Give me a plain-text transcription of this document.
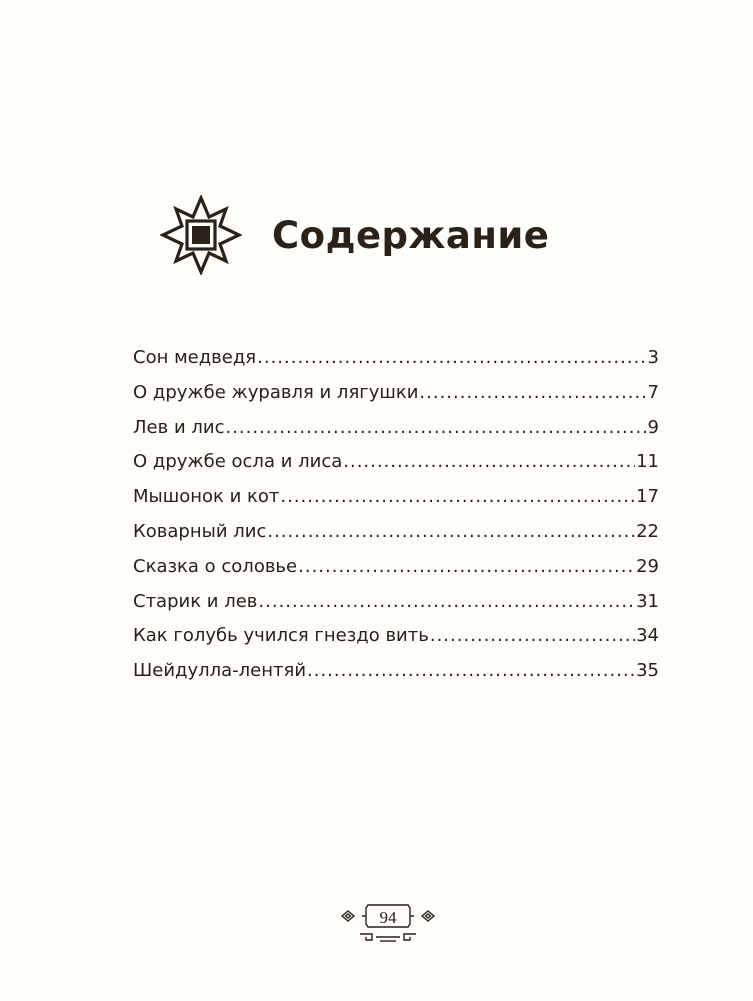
Содержание
Сон медведя .....	3
О дружбе журавля и лягушки .....	7
Лев и лис .....	9
О дружбе осла и лиса .....	11
Мышонок и кот .....	17
Коварный лис .....	22
Сказка о соловье .....	29
Старик и лев .....	31
Как голубь учился гнездо вить .....	34
Шейдулла-лентяй .....	35
94
